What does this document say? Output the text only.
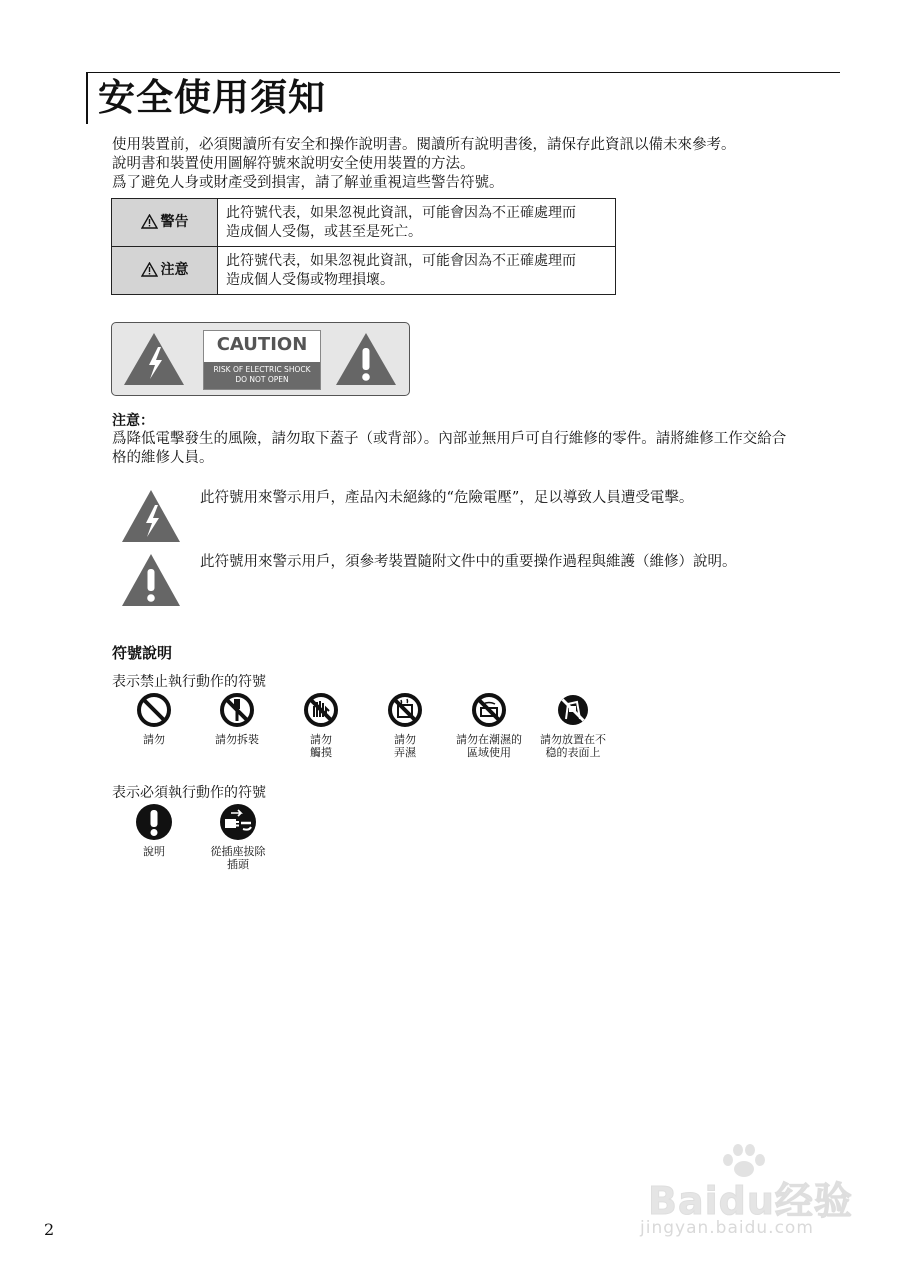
安全使用須知
使用裝置前，必須閱讀所有安全和操作說明書。閱讀所有說明書後，請保存此資訊以備未來參考。
說明書和裝置使用圖解符號來說明安全使用裝置的方法。
爲了避免人身或財產受到損害，請了解並重視這些警告符號。
警告	此符號代表，如果忽視此資訊，可能會因為不正確處理而
造成個人受傷，或甚至是死亡。

注意	此符號代表，如果忽視此資訊，可能會因為不正確處理而
造成個人受傷或物理損壞。
CAUTION
RISK OF ELECTRIC SHOCK
DO NOT OPEN
注意：
爲降低電擊發生的風險，請勿取下蓋子（或背部）。內部並無用戶可自行維修的零件。請將維修工作交給合
格的維修人員。
此符號用來警示用戶，產品內未絕緣的“危險電壓”，足以導致人員遭受電擊。
此符號用來警示用戶，須參考裝置隨附文件中的重要操作過程與維護（維修）說明。
符號說明
表示禁止執行動作的符號
請勿	請勿拆裝	請勿
觸摸
請勿
弄濕
請勿在潮濕的
區域使用
請勿放置在不
稳的表面上
表示必須執行動作的符號
說明	從插座拔除
插頭
2
Baidu经验
jingyan.baidu.com
